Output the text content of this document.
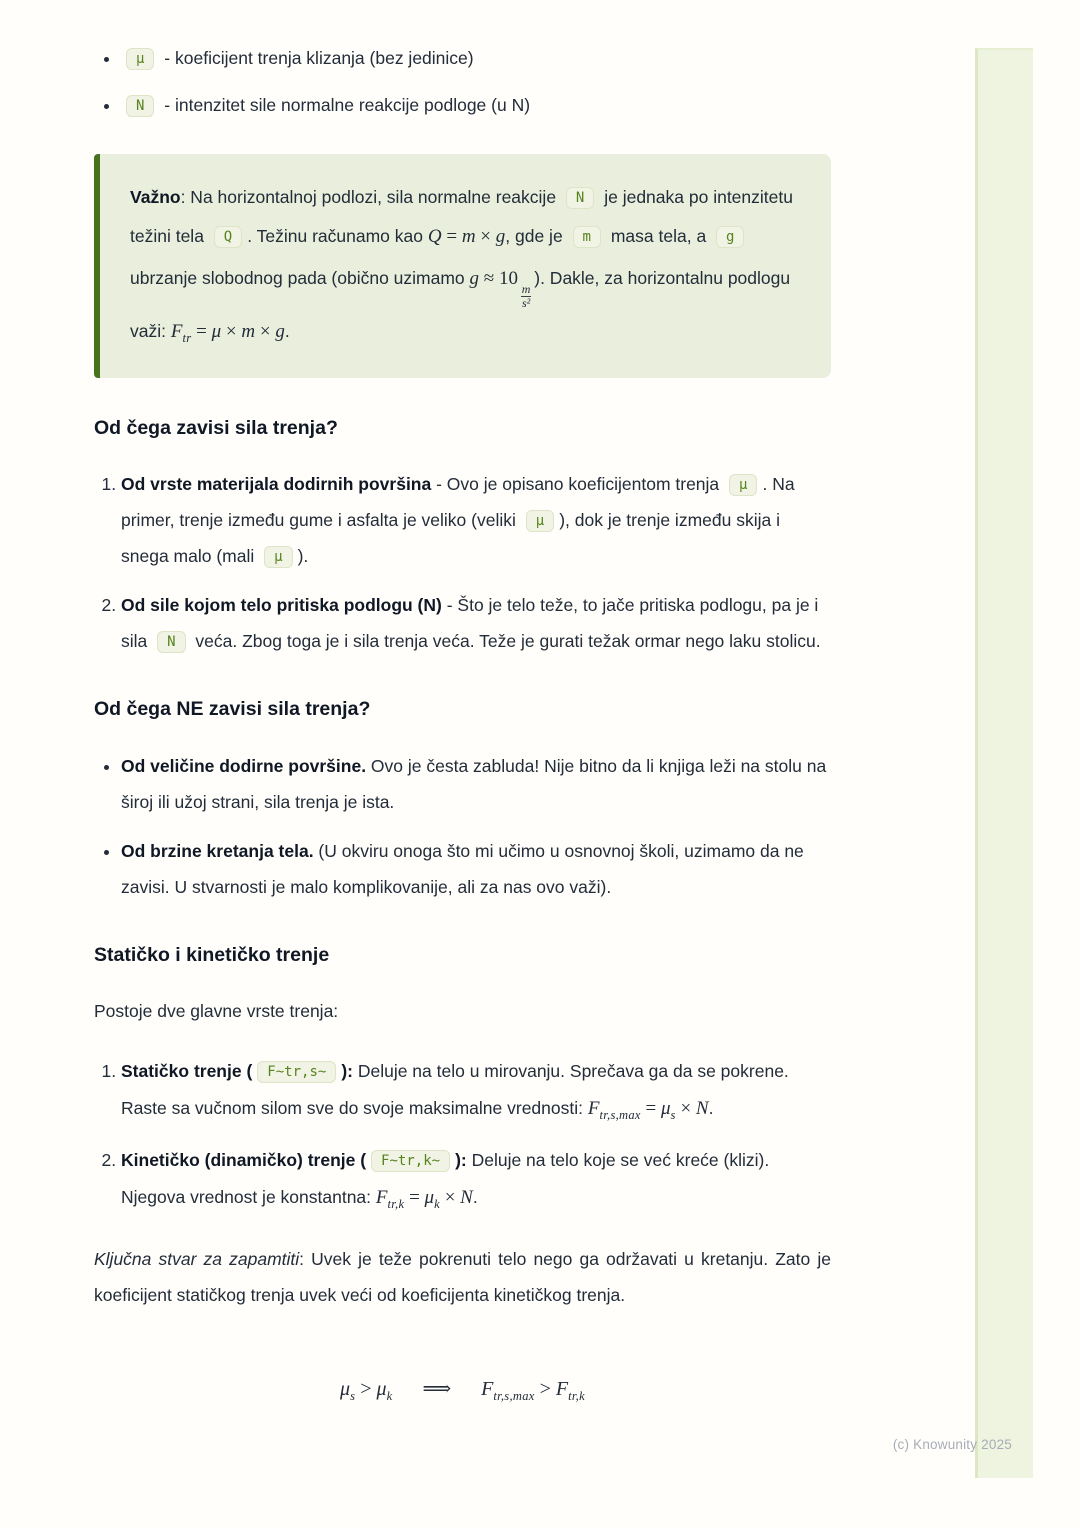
• μ - koeficijent trenja klizanja (bez jedinice)
• N - intenzitet sile normalne reakcije podloge (u N)

Važno: Na horizontalnoj podlozi, sila normalne reakcije N je jednaka po intenzitetu težini tela Q . Težinu računamo kao Q = m × g, gde je m masa tela, a g ubrzanje slobodnog pada (obično uzimamo g ≈ 10
$\frac{m}{\text{s²}}$
). Dakle, za horizontalnu podlogu važi: $F_{tr} = \mu \times m \times g$.

Od čega zavisi sila trenja?
1. Od vrste materijala dodirnih površina - Ovo je opisano koeficijentom trenja μ . Na primer, trenje između gume i asfalta je veliko (veliki μ ), dok je trenje između skija i snega malo (mali μ ).
2. Od sile kojom telo pritiska podlogu (N) - Što je telo teže, to jače pritiska podlogu, pa je i sila N veća. Zbog toga je i sila trenja veća. Teže je gurati težak ormar nego laku stolicu.
Od čega NE zavisi sila trenja?
• Od veličine dodirne površine. Ovo je česta zabluda! Nije bitno da li knjiga leži na stolu na široj ili užoj strani, sila trenja je ista.
• Od brzine kretanja tela. (U okviru onoga što mi učimo u osnovnoj školi, uzimamo da ne zavisi. U stvarnosti je malo komplikovanije, ali za nas ovo važi).
Statičko i kinetičko trenje

Postoje dve glavne vrste trenja:

1. Statičko trenje ( F~tr,s~ ): Deluje na telo u mirovanju. Sprečava ga da se pokrene. Raste sa vučnom silom sve do svoje maksimalne vrednosti: $F_{tr,s,max} = \mu_s \times N$.
2. Kinetičko (dinamičko) trenje ( F~tr,k~ ): Deluje na telo koje se već kreće (klizi). Njegova vrednost je konstantna: $F_{tr,k} = \mu_k \times N$.

Ključna stvar za zapamtiti: Uvek je teže pokrenuti telo nego ga održavati u kretanju. Zato je koeficijent statičkog trenja uvek veći od koeficijenta kinetičkog trenja.

$\mu_s > \mu_k$ ⟹ $F_{tr,s,max} > F_{tr,k}$
(c) Knowunity 2025
